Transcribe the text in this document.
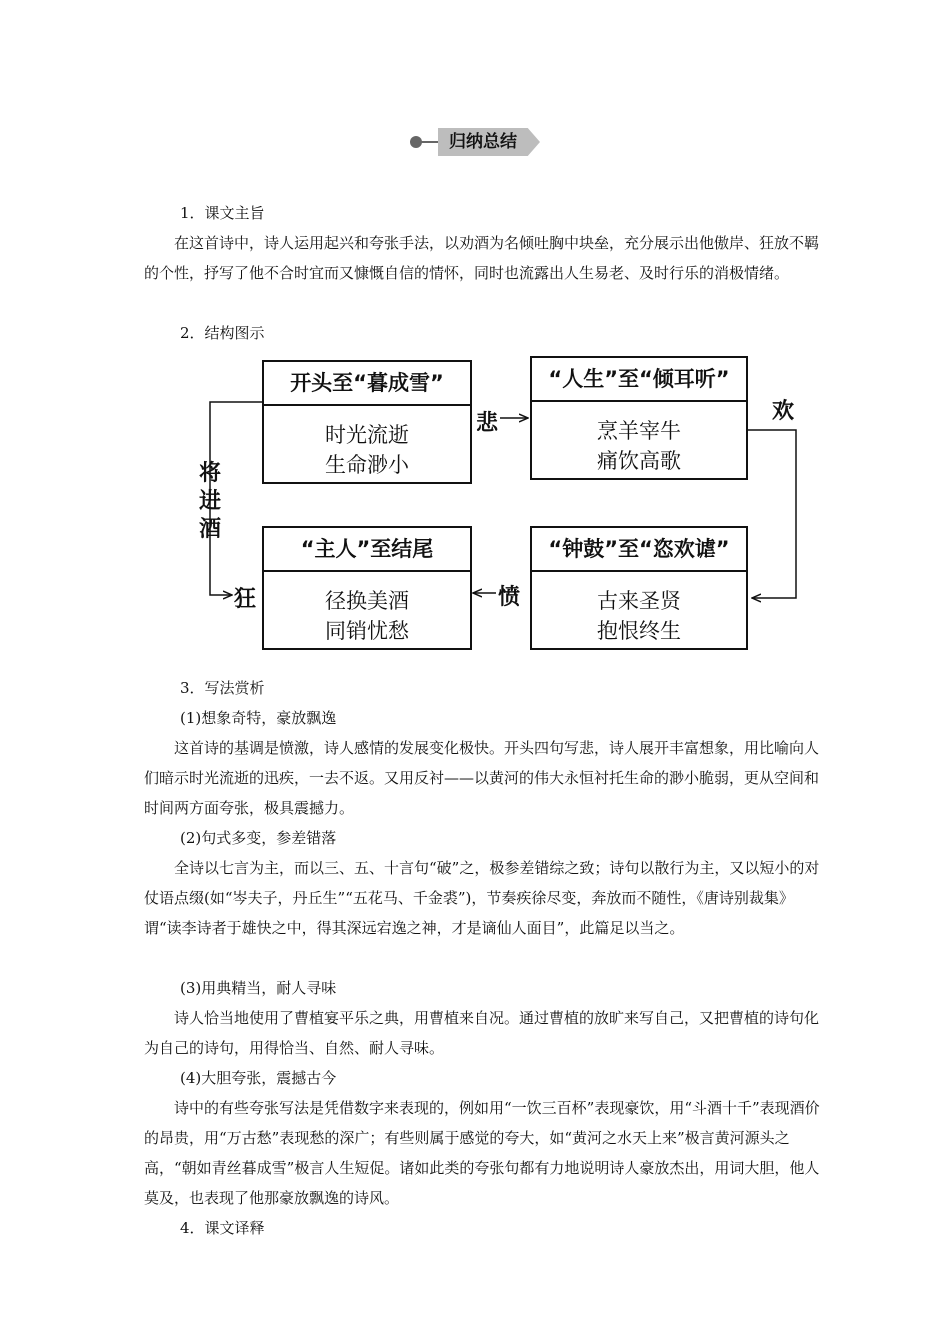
归纳总结

1．课文主旨

在这首诗中，诗人运用起兴和夸张手法，以劝酒为名倾吐胸中块垒，充分展示出他傲岸、狂放不羁的个性，抒写了他不合时宜而又慷慨自信的情怀，同时也流露出人生易老、及时行乐的消极情绪。

2．结构图示

开头至“暮成雪”
时光流逝
生命渺小
“人生”至“倾耳听”
烹羊宰牛
痛饮高歌
“主人”至结尾
径换美酒
同销忧愁
“钟鼓”至“恣欢谑”
古来圣贤
抱恨终生
悲	欢
愤
狂
将
进
酒

3．写法赏析

(1)想象奇特，豪放飘逸

这首诗的基调是愤激，诗人感情的发展变化极快。开头四句写悲，诗人展开丰富想象，用比喻向人们暗示时光流逝的迅疾，一去不返。又用反衬——以黄河的伟大永恒衬托生命的渺小脆弱，更从空间和时间两方面夸张，极具震撼力。

(2)句式多变，参差错落

全诗以七言为主，而以三、五、十言句“破”之，极参差错综之致；诗句以散行为主，又以短小的对仗语点缀(如“岑夫子，丹丘生”“五花马、千金裘”)，节奏疾徐尽变，奔放而不随性，《唐诗别裁集》谓“读李诗者于雄快之中，得其深远宕逸之神，才是谪仙人面目”，此篇足以当之。

(3)用典精当，耐人寻味

诗人恰当地使用了曹植宴平乐之典，用曹植来自况。通过曹植的放旷来写自己，又把曹植的诗句化为自己的诗句，用得恰当、自然、耐人寻味。

(4)大胆夸张，震撼古今

诗中的有些夸张写法是凭借数字来表现的，例如用“一饮三百杯”表现豪饮，用“斗酒十千”表现酒价的昂贵，用“万古愁”表现愁的深广；有些则属于感觉的夸大，如“黄河之水天上来”极言黄河源头之高，“朝如青丝暮成雪”极言人生短促。诸如此类的夸张句都有力地说明诗人豪放杰出，用词大胆，他人莫及，也表现了他那豪放飘逸的诗风。

4．课文译释
